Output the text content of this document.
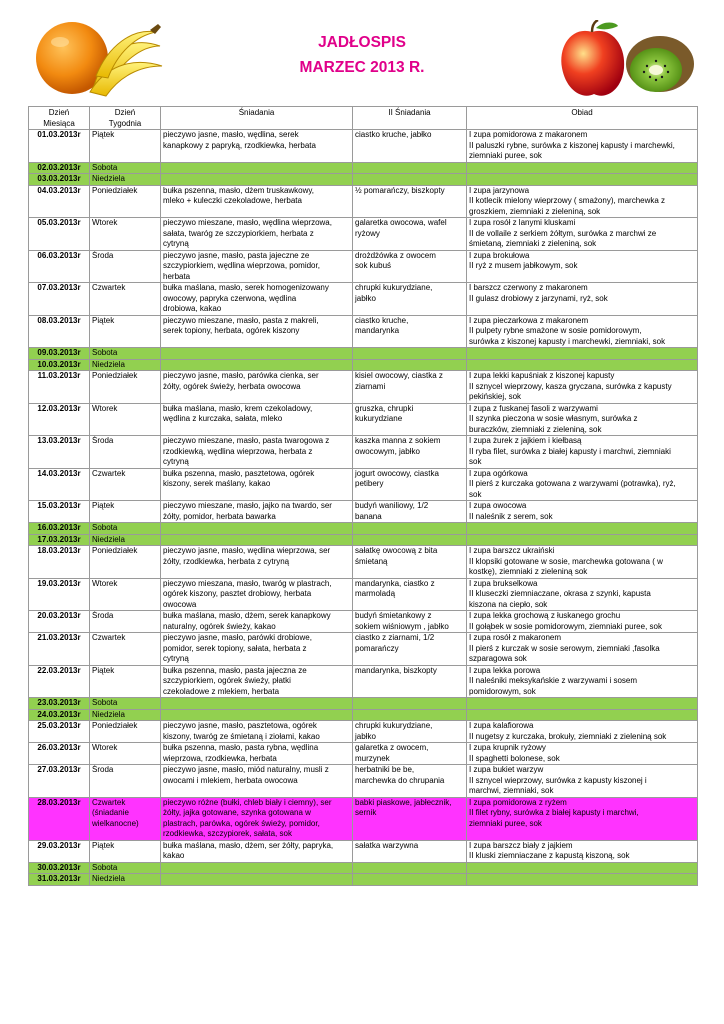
JADŁOSPIS
MARZEC 2013 R.
Dzień
Miesiąca	Dzień
Tygodnia	Śniadania	II Śniadania	Obiad
01.03.2013r	Piątek	pieczywo jasne, masło, wędlina, serek
kanapkowy z papryką, rzodkiewka, herbata	ciastko kruche, jabłko	I zupa pomidorowa z makaronem
II paluszki rybne, surówka z kiszonej kapusty i marchewki,
ziemniaki puree, sok
02.03.2013r	Sobota			
03.03.2013r	Niedziela			
04.03.2013r	Poniedziałek	bułka pszenna, masło, dżem truskawkowy,
mleko + kuleczki czekoladowe, herbata	½ pomarańczy, biszkopty	I zupa jarzynowa
II kotlecik mielony wieprzowy ( smażony), marchewka z
groszkiem, ziemniaki z zieleniną, sok
05.03.2013r	Wtorek	pieczywo mieszane, masło, wędlina wieprzowa,
sałata, twaróg ze szczypiorkiem, herbata z
cytryną	galaretka owocowa, wafel
ryżowy	I zupa rosół z lanymi kluskami
II de vollaile z serkiem żółtym, surówka z marchwi ze
śmietaną, ziemniaki z zieleniną, sok
06.03.2013r	Środa	pieczywo jasne, masło, pasta jajeczne ze
szczypiorkiem, wędlina wieprzowa, pomidor,
herbata	drożdżówka z owocem
sok kubuś	I zupa brokułowa
II ryż z musem jabłkowym, sok
07.03.2013r	Czwartek	bułka maślana, masło, serek homogenizowany
owocowy, papryka czerwona, wędlina
drobiowa, kakao	chrupki kukurydziane,
jabłko	I barszcz czerwony z makaronem
II gulasz drobiowy z jarzynami, ryż, sok
08.03.2013r	Piątek	pieczywo mieszane, masło, pasta z makreli,
serek topiony, herbata, ogórek kiszony	ciastko kruche,
mandarynka	I zupa pieczarkowa z makaronem
II pulpety rybne smażone w sosie pomidorowym,
surówka z kiszonej kapusty i marchewki, ziemniaki, sok
09.03.2013r	Sobota			
10.03.2013r	Niedziela			
11.03.2013r	Poniedziałek	pieczywo jasne, masło, parówka cienka, ser
żółty, ogórek świeży, herbata owocowa	kisiel owocowy, ciastka z
ziarnami	I zupa lekki kapuśniak z kiszonej kapusty
II sznycel wieprzowy, kasza gryczana, surówka z kapusty
pekińskiej, sok
12.03.2013r	Wtorek	bułka maślana, masło, krem czekoladowy,
wędlina z kurczaka, sałata, mleko	gruszka, chrupki
kukurydziane	I zupa z fuskanej fasoli z warzywami
II szynka pieczona w sosie własnym, surówka z
buraczków, ziemniaki z zieleniną, sok
13.03.2013r	Środa	pieczywo mieszane, masło, pasta twarogowa z
rzodkiewką, wędlina wieprzowa, herbata z
cytryną	kaszka manna z sokiem
owocowym, jabłko	I zupa żurek z jajkiem i kiełbasą
II ryba filet, surówka z białej kapusty i marchwi, ziemniaki
sok
14.03.2013r	Czwartek	bułka pszenna, masło, pasztetowa, ogórek
kiszony, serek maślany, kakao	jogurt owocowy, ciastka
petibery	I zupa ogórkowa
II pierś z kurczaka gotowana z warzywami (potrawka), ryż,
sok
15.03.2013r	Piątek	pieczywo mieszane, masło, jajko na twardo, ser
żółty, pomidor, herbata bawarka	budyń waniliowy, 1/2
banana	I zupa owocowa
II naleśnik z serem, sok
16.03.2013r	Sobota			
17.03.2013r	Niedziela			
18.03.2013r	Poniedziałek	pieczywo jasne, masło, wędlina wieprzowa, ser
żółty, rzodkiewka, herbata z cytryną	sałatkę owocową z bita
śmietaną	I zupa barszcz ukraiński
II klopsiki gotowane w sosie, marchewka gotowana ( w
kostkę), ziemniaki z zieleniną sok
19.03.2013r	Wtorek	pieczywo mieszana, masło, twaróg w plastrach,
ogórek kiszony, pasztet drobiowy, herbata
owocowa	mandarynka, ciastko z
marmoladą	I zupa brukselkowa
II kluseczki ziemniaczane, okrasa z szynki, kapusta
kiszona na ciepło, sok
20.03.2013r	Środa	bułka maślana, masło, dżem, serek kanapkowy
naturalny, ogórek świeży, kakao	budyń śmietankowy z
sokiem wiśniowym , jabłko	I zupa lekka grochową z łuskanego grochu
II gołąbek w sosie pomidorowym, ziemniaki puree, sok
21.03.2013r	Czwartek	pieczywo jasne, masło, parówki drobiowe,
pomidor, serek topiony, sałata, herbata z
cytryną	ciastko z ziarnami, 1/2
pomarańczy	I zupa rosół z makaronem
II pierś z kurczak w sosie serowym, ziemniaki ,fasolka
szparagowa sok
22.03.2013r	Piątek	bułka pszenna, masło, pasta jajeczna ze
szczypiorkiem, ogórek świeży, płatki
czekoladowe z mlekiem, herbata	mandarynka, biszkopty	I zupa lekka porowa
II naleśniki meksykańskie z warzywami i sosem
pomidorowym, sok
23.03.2013r	Sobota			
24.03.2013r	Niedziela			
25.03.2013r	Poniedziałek	pieczywo jasne, masło, pasztetowa, ogórek
kiszony, twaróg ze śmietaną i ziołami, kakao	chrupki kukurydziane,
jabłko	I zupa kalafiorowa
II nugetsy z kurczaka, brokuły, ziemniaki z zieleniną sok
26.03.2013r	Wtorek	bułka pszenna, masło, pasta rybna, wędlina
wieprzowa, rzodkiewka, herbata	galaretka z owocem,
murzynek	I zupa krupnik ryżowy
II spaghetti bolonese, sok
27.03.2013r	Środa	pieczywo jasne, masło, miód naturalny, musli z
owocami i mlekiem, herbata owocowa	herbatniki be be,
marchewka do chrupania	I zupa bukiet warzyw
II sznycel wieprzowy, surówka z kapusty kiszonej i
marchwi, ziemniaki, sok
28.03.2013r	Czwartek
(śniadanie
wielkanocne)	pieczywo różne (bułki, chleb biały i ciemny), ser
żółty, jajka gotowane, szynka gotowana w
plastrach, parówka, ogórek świeży, pomidor,
rzodkiewka, szczypiorek, sałata, sok	babki piaskowe, jabłecznik,
sernik	I zupa pomidorowa z ryżem
II filet rybny, surówka z białej kapusty i marchwi,
ziemniaki puree, sok
29.03.2013r	Piątek	bułka maślana, masło, dżem, ser żółty, papryka,
kakao	sałatka warzywna	I zupa barszcz biały z jajkiem
II kluski ziemniaczane z kapustą kiszoną, sok
30.03.2013r	Sobota			
31.03.2013r	Niedziela			
